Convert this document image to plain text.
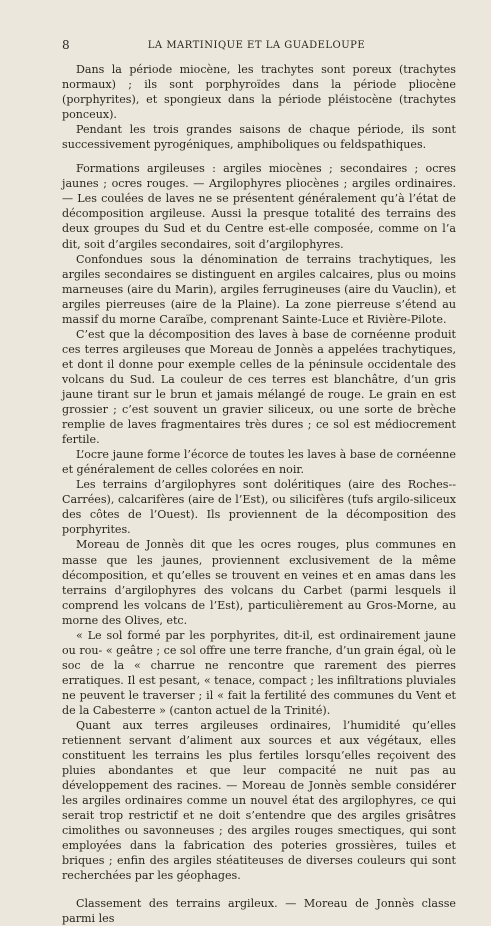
8	LA MARTINIQUE ET LA GUADELOUPE

Dans la période miocène, les trachytes sont poreux (trachytes normaux) ; ils sont porphyroïdes dans la période pliocène (porphyrites), et spongieux dans la période pléistocène (trachytes ponceux).

Pendant les trois grandes saisons de chaque période, ils sont successivement pyrogéniques, amphiboliques ou feldspathiques.

Formations argileuses : argiles miocènes ; secondaires ; ocres jaunes ; ocres rouges. — Argilophyres pliocènes ; argiles ordinaires. — Les coulées de laves ne se présentent généralement qu’à l’état de décomposition argileuse. Aussi la presque totalité des terrains des deux groupes du Sud et du Centre est-elle composée, comme on l’a dit, soit d’argiles secondaires, soit d’argilophyres.

Confondues sous la dénomination de terrains trachytiques, les argiles secondaires se distinguent en argiles calcaires, plus ou moins marneuses (aire du Marin), argiles ferrugineuses (aire du Vauclin), et argiles pierreuses (aire de la Plaine). La zone pierreuse s’étend au massif du morne Caraïbe, comprenant Sainte-Luce et Rivière-Pilote.

C’est que la décomposition des laves à base de cornéenne produit ces terres argileuses que Moreau de Jonnès a appelées trachytiques, et dont il donne pour exemple celles de la péninsule occidentale des volcans du Sud. La couleur de ces terres est blanchâtre, d’un gris jaune tirant sur le brun et jamais mélangé de rouge. Le grain en est grossier ; c’est souvent un gravier siliceux, ou une sorte de brèche remplie de laves fragmentaires très dures ; ce sol est médiocrement fertile.

L’ocre jaune forme l’écorce de toutes les laves à base de cornéenne et généralement de celles colorées en noir.

Les terrains d’argilophyres sont doléritiques (aire des Roches--Carrées), calcarifères (aire de l’Est), ou silicifères (tufs argilo-siliceux des côtes de l’Ouest). Ils proviennent de la décomposition des porphyrites.

Moreau de Jonnès dit que les ocres rouges, plus communes en masse que les jaunes, proviennent exclusivement de la même décomposition, et qu’elles se trouvent en veines et en amas dans les terrains d’argilophyres des volcans du Carbet (parmi lesquels il comprend les volcans de l’Est), particulièrement au Gros-Morne, au morne des Olives, etc.

« Le sol formé par les porphyrites, dit-il, est ordinairement jaune ou rou- « geâtre ; ce sol offre une terre franche, d’un grain égal, où le soc de la « charrue ne rencontre que rarement des pierres erratiques. Il est pesant, « tenace, compact ; les infiltrations pluviales ne peuvent le traverser ; il « fait la fertilité des communes du Vent et de la Cabesterre » (canton actuel de la Trinité).

Quant aux terres argileuses ordinaires, l’humidité qu’elles retiennent servant d’aliment aux sources et aux végétaux, elles constituent les terrains les plus fertiles lorsqu’elles reçoivent des pluies abondantes et que leur compacité ne nuit pas au développement des racines. — Moreau de Jonnès semble considérer les argiles ordinaires comme un nouvel état des argilophyres, ce qui serait trop restrictif et ne doit s’entendre que des argiles grisâtres cimolithes ou savonneuses ; des argiles rouges smectiques, qui sont employées dans la fabrication des poteries grossières, tuiles et briques ; enfin des argiles stéatiteuses de diverses couleurs qui sont recherchées par les géophages.

Classement des terrains argileux. — Moreau de Jonnès classe parmi les
